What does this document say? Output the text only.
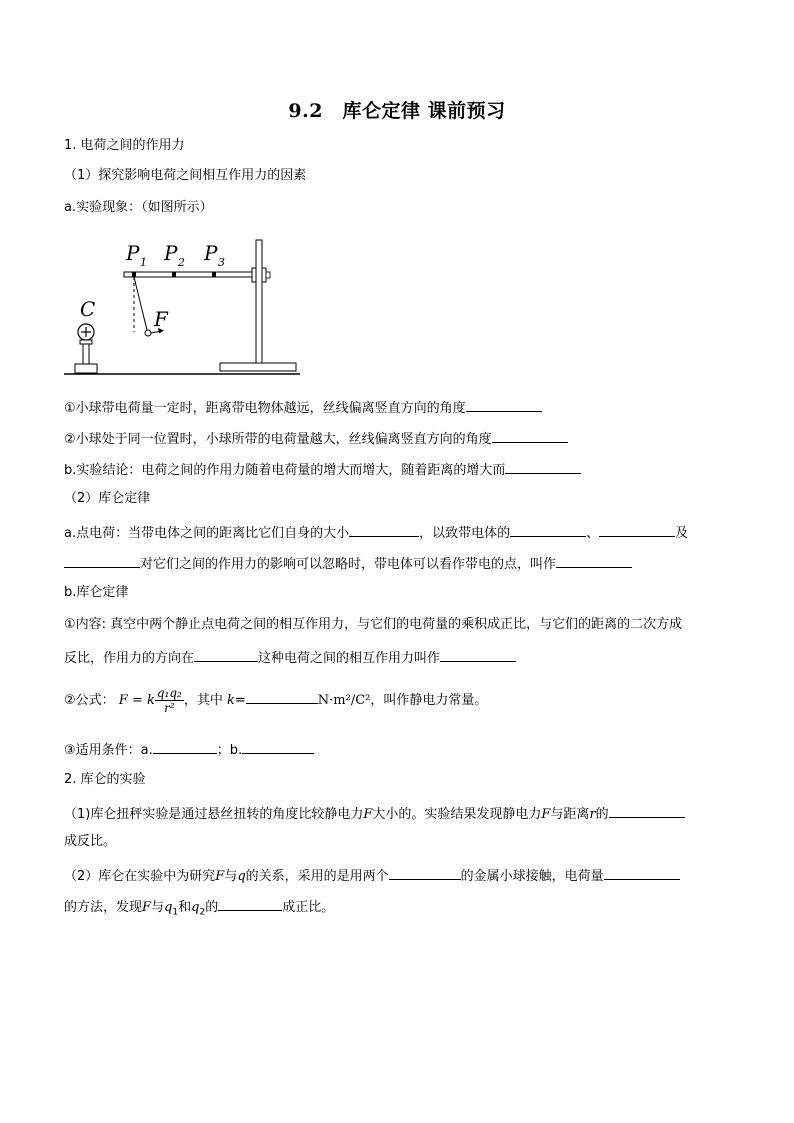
9.2　库仑定律 课前预习
1. 电荷之间的作用力
（1）探究影响电荷之间相互作用力的因素
a.实验现象：（如图所示）
P 1 P 2 P 3
F
C
①小球带电荷量一定时，距离带电物体越远，丝线偏离竖直方向的角度
②小球处于同一位置时，小球所带的电荷量越大，丝线偏离竖直方向的角度
b.实验结论：电荷之间的作用力随着电荷量的增大而增大，随着距离的增大而
（2）库仑定律
a.点电荷：当带电体之间的距离比它们自身的大小	，以致带电体的	、	及
对它们之间的作用力的影响可以忽略时，带电体可以看作带电的点，叫作
b.库仑定律
①内容: 真空中两个静止点电荷之间的相互作用力，与它们的电荷量的乘积成正比，与它们的距离的二次方成
反比，作用力的方向在	这种电荷之间的相互作用力叫作
②公式： F = k $\frac{\text{q₁q₂}}{\text{r²}}$ ，其中 k=	N·m²/C²，叫作静电力常量。
③适用条件：a.	；b.
2. 库仑的实验
（1)库仑扭秤实验是通过悬丝扭转的角度比较静电力F大小的。实验结果发现静电力F与距离r的
成反比。
（2）库仑在实验中为研究F与q的关系，采用的是用两个	的金属小球接触，电荷量
的方法，发现F与$q_1$和$q_2$的	成正比。
